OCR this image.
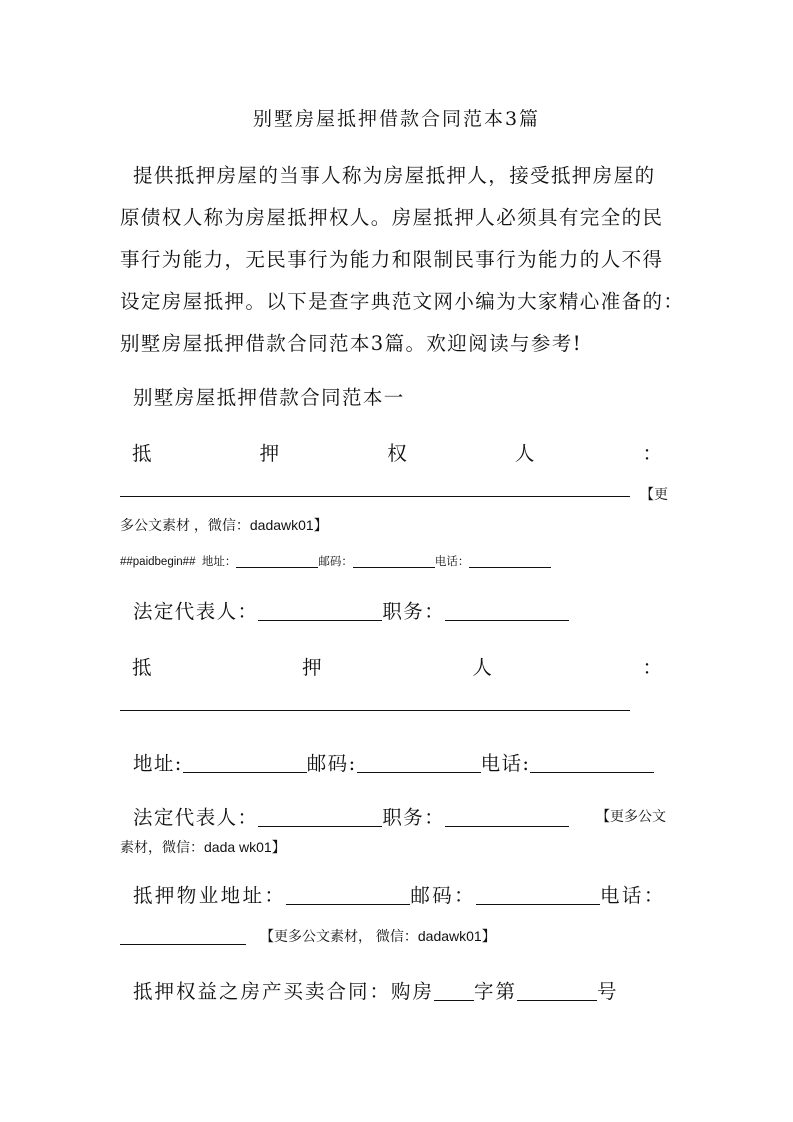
别墅房屋抵押借款合同范本3篇
提供抵押房屋的当事人称为房屋抵押人，接受抵押房屋的
原债权人称为房屋抵押权人。房屋抵押人必须具有完全的民
事行为能力，无民事行为能力和限制民事行为能力的人不得
设定房屋抵押。以下是查字典范文网小编为大家精心准备的：
别墅房屋抵押借款合同范本3篇。欢迎阅读与参考!
别墅房屋抵押借款合同范本一
抵	押	权	人	：
【更
多公文素材 ，微信：dadawk01】
##paidbegin## 地址：	邮码：	电话：
法定代表人：	职务：
抵	押	人	：
地址:	邮码:	电话:
法定代表人：	职务：	【更多公文
素材，微信：dada wk01】
抵押物业地址：	邮码：	电话：
【更多公文素材， 微信：dadawk01】
抵押权益之房产买卖合同：购房 字第	号
